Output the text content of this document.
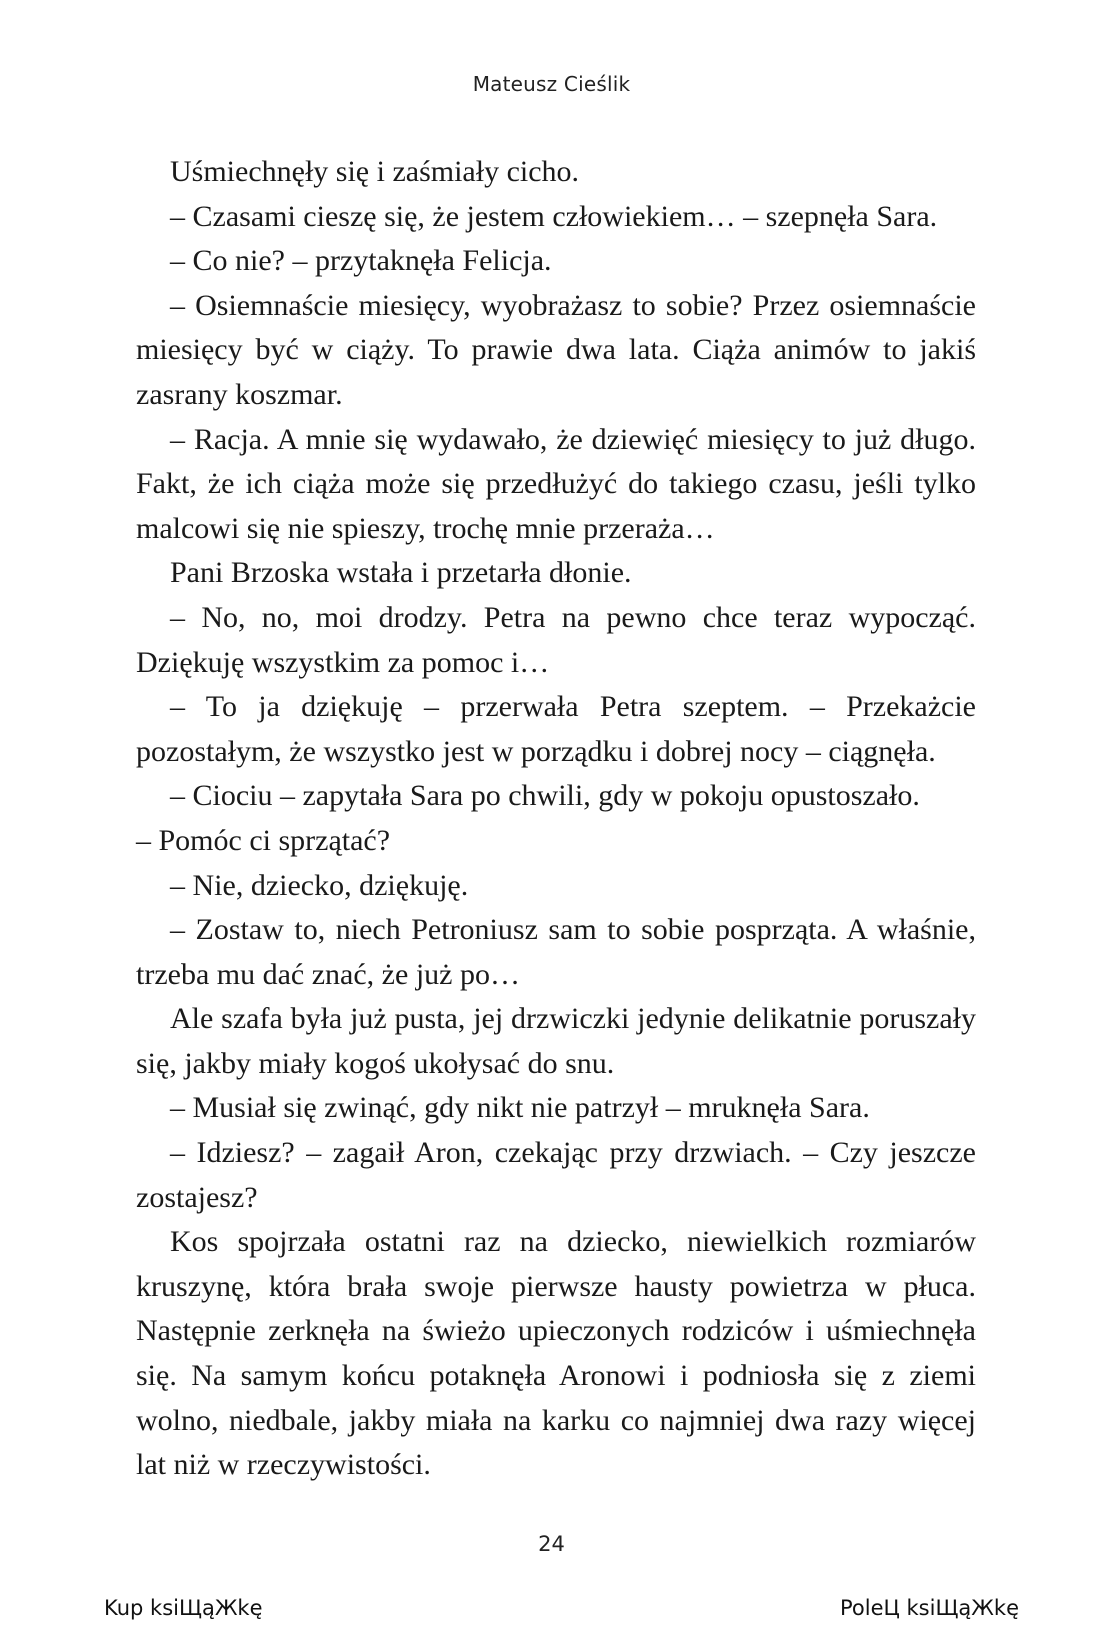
Mateusz Cieślik

Uśmiechnęły się i zaśmiały cicho.

– Czasami cieszę się, że jestem człowiekiem… – szepnęła Sara.

– Co nie? – przytaknęła Felicja.

– Osiemnaście miesięcy, wyobrażasz to sobie? Przez osiemnaście miesięcy być w ciąży. To prawie dwa lata. Ciąża animów to jakiś zasrany koszmar.

– Racja. A mnie się wydawało, że dziewięć miesięcy to już długo. Fakt, że ich ciąża może się przedłużyć do takiego czasu, jeśli tylko malcowi się nie spieszy, trochę mnie przeraża…

Pani Brzoska wstała i przetarła dłonie.

– No, no, moi drodzy. Petra na pewno chce teraz wypocząć. Dziękuję wszystkim za pomoc i…

– To ja dziękuję – przerwała Petra szeptem. – Przekażcie pozostałym, że wszystko jest w porządku i dobrej nocy – ciągnęła.

– Ciociu – zapytała Sara po chwili, gdy w pokoju opustoszało.

– Pomóc ci sprzątać?

– Nie, dziecko, dziękuję.

– Zostaw to, niech Petroniusz sam to sobie posprząta. A właśnie, trzeba mu dać znać, że już po…

Ale szafa była już pusta, jej drzwiczki jedynie delikatnie poruszały się, jakby miały kogoś ukołysać do snu.

– Musiał się zwinąć, gdy nikt nie patrzył – mruknęła Sara.

– Idziesz? – zagaił Aron, czekając przy drzwiach. – Czy jeszcze zostajesz?

Kos spojrzała ostatni raz na dziecko, niewielkich rozmiarów kruszynę, która brała swoje pierwsze hausty powietrza w płuca. Następnie zerknęła na świeżo upieczonych rodziców i uśmiechnęła się. Na samym końcu potaknęła Aronowi i podniosła się z ziemi wolno, niedbale, jakby miała na karku co najmniej dwa razy więcej lat niż w rzeczywistości.

24
Kup ksiЩąЖkę	PoleЦ ksiЩąЖkę
